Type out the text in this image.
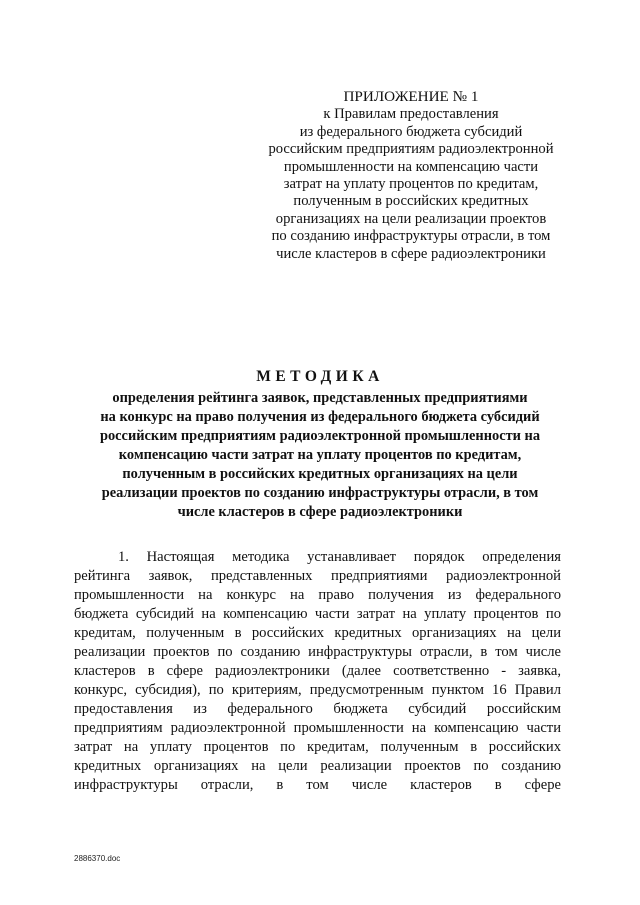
ПРИЛОЖЕНИЕ № 1
к Правилам предоставления
из федерального бюджета субсидий
российским предприятиям радиоэлектронной
промышленности на компенсацию части
затрат на уплату процентов по кредитам,
полученным в российских кредитных
организациях на цели реализации проектов
по созданию инфраструктуры отрасли, в том
числе кластеров в сфере радиоэлектроники
МЕТОДИКА
определения рейтинга заявок, представленных предприятиями
на конкурс на право получения из федерального бюджета субсидий
российским предприятиям радиоэлектронной промышленности на
компенсацию части затрат на уплату процентов по кредитам,
полученным в российских кредитных организациях на цели
реализации проектов по созданию инфраструктуры отрасли, в том
числе кластеров в сфере радиоэлектроники
1. Настоящая методика устанавливает порядок определения
рейтинга заявок, представленных предприятиями радиоэлектронной
промышленности на конкурс на право получения из федерального
бюджета субсидий на компенсацию части затрат на уплату процентов по
кредитам, полученным в российских кредитных организациях на цели
реализации проектов по созданию инфраструктуры отрасли, в том числе
кластеров в сфере радиоэлектроники (далее соответственно - заявка,
конкурс, субсидия), по критериям, предусмотренным пунктом 16 Правил
предоставления из федерального бюджета субсидий российским
предприятиям радиоэлектронной промышленности на компенсацию части
затрат на уплату процентов по кредитам, полученным в российских
кредитных организациях на цели реализации проектов по созданию
инфраструктуры отрасли, в том числе кластеров в сфере
2886370.doc
